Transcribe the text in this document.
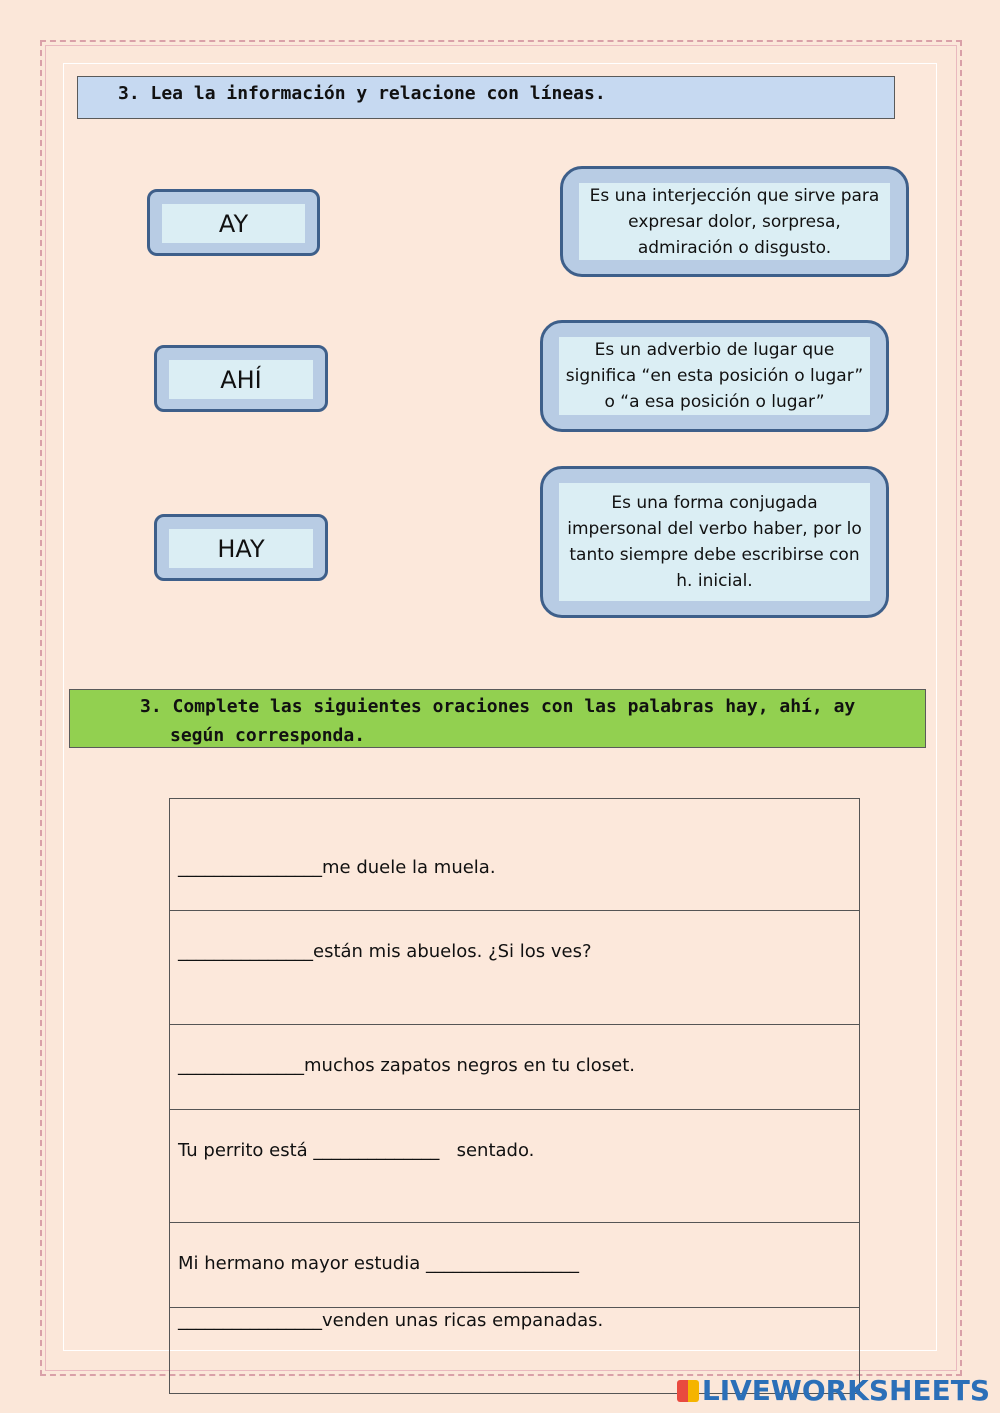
3. Lea la información y relacione con líneas.
AY
AHÍ
HAY
Es una interjección que sirve para expresar dolor, sorpresa, admiración o disgusto.
Es un adverbio de lugar que significa “en esta posición o lugar” o “a esa posición o lugar”
Es una forma conjugada impersonal del verbo haber, por lo tanto siempre debe escribirse con h. inicial.
3. Complete las siguientes oraciones con las palabras hay, ahí, ay según corresponda.
________________me duele la muela.

_______________están mis abuelos. ¿Si los ves?

______________muchos zapatos negros en tu closet.

Tu perrito está ______________   sentado.

Mi hermano mayor estudia _________________

________________venden unas ricas empanadas.
LIVEWORKSHEETS
